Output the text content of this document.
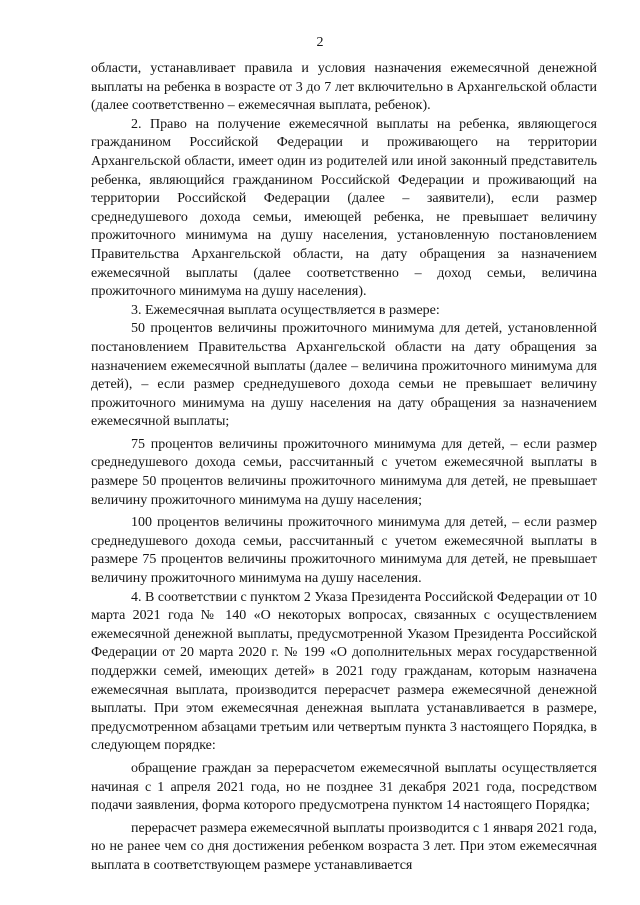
2

области, устанавливает правила и условия назначения ежемесячной денежной выплаты на ребенка в возрасте от 3 до 7 лет включительно в Архангельской области (далее соответственно – ежемесячная выплата, ребенок).

2. Право на получение ежемесячной выплаты на ребенка, являющегося гражданином Российской Федерации и проживающего на территории Архангельской области, имеет один из родителей или иной законный представитель ребенка, являющийся гражданином Российской Федерации и проживающий на территории Российской Федерации (далее – заявители), если размер среднедушевого дохода семьи, имеющей ребенка, не превышает величину прожиточного минимума на душу населения, установленную постановлением Правительства Архангельской области, на дату обращения за назначением ежемесячной выплаты (далее соответственно – доход семьи, величина прожиточного минимума на душу населения).

3. Ежемесячная выплата осуществляется в размере:

50 процентов величины прожиточного минимума для детей, установленной постановлением Правительства Архангельской области на дату обращения за назначением ежемесячной выплаты (далее – величина прожиточного минимума для детей), – если размер среднедушевого дохода семьи не превышает величину прожиточного минимума на душу населения на дату обращения за назначением ежемесячной выплаты;

75 процентов величины прожиточного минимума для детей, – если размер среднедушевого дохода семьи, рассчитанный с учетом ежемесячной выплаты в размере 50 процентов величины прожиточного минимума для детей, не превышает величину прожиточного минимума на душу населения;

100 процентов величины прожиточного минимума для детей, – если размер среднедушевого дохода семьи, рассчитанный с учетом ежемесячной выплаты в размере 75 процентов величины прожиточного минимума для детей, не превышает величину прожиточного минимума на душу населения.

4. В соответствии с пунктом 2 Указа Президента Российской Федерации от 10 марта 2021 года № 140 «О некоторых вопросах, связанных с осуществлением ежемесячной денежной выплаты, предусмотренной Указом Президента Российской Федерации от 20 марта 2020 г. № 199 «О дополнительных мерах государственной поддержки семей, имеющих детей» в 2021 году гражданам, которым назначена ежемесячная выплата, производится перерасчет размера ежемесячной денежной выплаты. При этом ежемесячная денежная выплата устанавливается в размере, предусмотренном абзацами третьим или четвертым пункта 3 настоящего Порядка, в следующем порядке:

обращение граждан за перерасчетом ежемесячной выплаты осуществляется начиная с 1 апреля 2021 года, но не позднее 31 декабря 2021 года, посредством подачи заявления, форма которого предусмотрена пунктом 14 настоящего Порядка;

перерасчет размера ежемесячной выплаты производится с 1 января 2021 года, но не ранее чем со дня достижения ребенком возраста 3 лет. При этом ежемесячная выплата в соответствующем размере устанавливается
